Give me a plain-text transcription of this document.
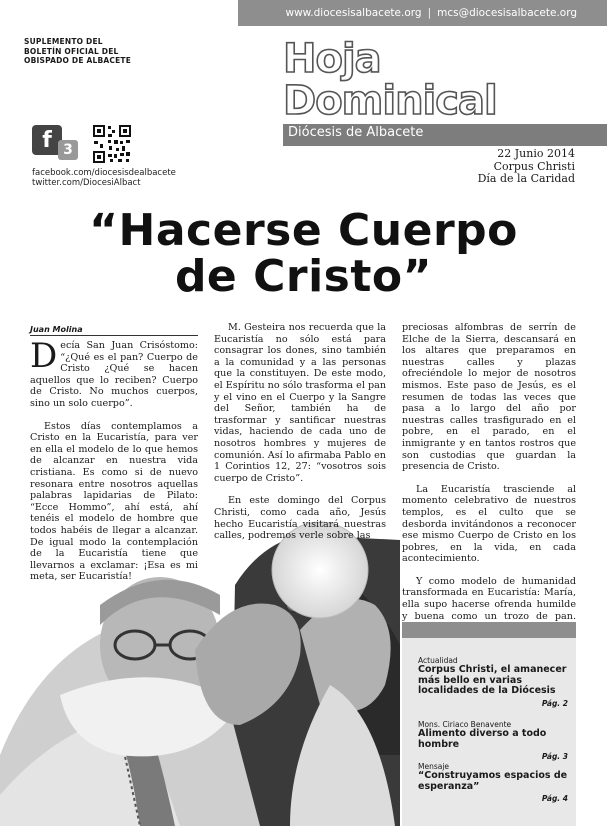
www.diocesisalbacete.org | mcs@diocesisalbacete.org
SUPLEMENTO DEL
BOLETÍN OFICIAL DEL
OBISPADO DE ALBACETE	Hoja
Dominical
Diócesis de Albacete
22 Junio 2014
Corpus Christi
Día de la Caridad
f 3
facebook.com/diocesisdealbacete
twitter.com/DiocesiAlbact
“Hacerse Cuerpo
de Cristo”
Juan Molina

Decía San Juan Crisóstomo: “¿Qué es el pan? Cuerpo de Cristo ¿Qué se hacen aquellos que lo reciben? Cuerpo de Cristo. No muchos cuerpos, sino un solo cuerpo”.

Estos días contemplamos a Cristo en la Eucaristía, para ver en ella el modelo de lo que hemos de alcanzar en nuestra vida cristiana. Es como si de nuevo resonara entre nosotros aquellas palabras lapidarias de Pilato: “Ecce Hommo”, ahí está, ahí tenéis el modelo de hombre que todos habéis de llegar a alcanzar. De igual modo la contemplación de la Eucaristía tiene que llevarnos a exclamar: ¡Esa es mi meta, ser Eucaristía!

M. Gesteira nos recuerda que la Eucaristía no sólo está para consagrar los dones, sino también a la comunidad y a las personas que la constituyen. De este modo, el Espíritu no sólo trasforma el pan y el vino en el Cuerpo y la Sangre del Señor, también ha de trasformar y santificar nuestras vidas, haciendo de cada uno de nosotros hombres y mujeres de comunión. Así lo afirmaba Pablo en 1 Corintios 12, 27: “vosotros sois cuerpo de Cristo”.

En este domingo del Corpus Christi, como cada año, Jesús hecho Eucaristía visitará nuestras calles, podremos verle sobre las

preciosas alfombras de serrín de Elche de la Sierra, descansará en los altares que preparamos en nuestras calles y plazas ofreciéndole lo mejor de nosotros mismos. Este paso de Jesús, es el resumen de todas las veces que pasa a lo largo del año por nuestras calles trasfigurado en el pobre, en el parado, en el inmigrante y en tantos rostros que son custodias que guardan la presencia de Cristo.

La Eucaristía trasciende al momento celebrativo de nuestros templos, es el culto que se desborda invitándonos a reconocer ese mismo Cuerpo de Cristo en los pobres, en la vida, en cada acontecimiento.

Y como modelo de humanidad transformada en Eucaristía: María, ella supo hacerse ofrenda humilde y buena como un trozo de pan.

Actualidad
Corpus Christi, el amanecer más bello en varias localidades de la Diócesis
Pág. 2
Mons. Ciriaco Benavente
Alimento diverso a todo hombre
Pág. 3
Mensaje
“Construyamos espacios de esperanza”
Pág. 4
